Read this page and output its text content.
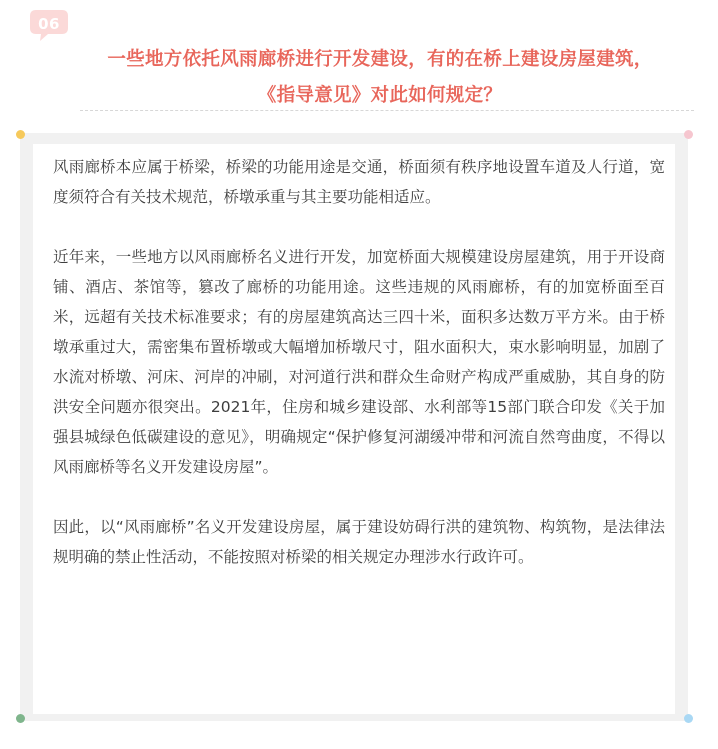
06
一些地方依托风雨廊桥进行开发建设，有的在桥上建设房屋建筑，
《指导意见》对此如何规定？

风雨廊桥本应属于桥梁，桥梁的功能用途是交通，桥面须有秩序地设置车道及人行道，宽度须符合有关技术规范，桥墩承重与其主要功能相适应。

近年来，一些地方以风雨廊桥名义进行开发，加宽桥面大规模建设房屋建筑，用于开设商铺、酒店、茶馆等，篡改了廊桥的功能用途。这些违规的风雨廊桥，有的加宽桥面至百米，远超有关技术标准要求；有的房屋建筑高达三四十米，面积多达数万平方米。由于桥墩承重过大，需密集布置桥墩或大幅增加桥墩尺寸，阻水面积大，束水影响明显，加剧了水流对桥墩、河床、河岸的冲刷，对河道行洪和群众生命财产构成严重威胁，其自身的防洪安全问题亦很突出。2021年，住房和城乡建设部、水利部等15部门联合印发《关于加强县城绿色低碳建设的意见》，明确规定“保护修复河湖缓冲带和河流自然弯曲度，不得以风雨廊桥等名义开发建设房屋”。

因此，以“风雨廊桥”名义开发建设房屋，属于建设妨碍行洪的建筑物、构筑物，是法律法规明确的禁止性活动，不能按照对桥梁的相关规定办理涉水行政许可。
